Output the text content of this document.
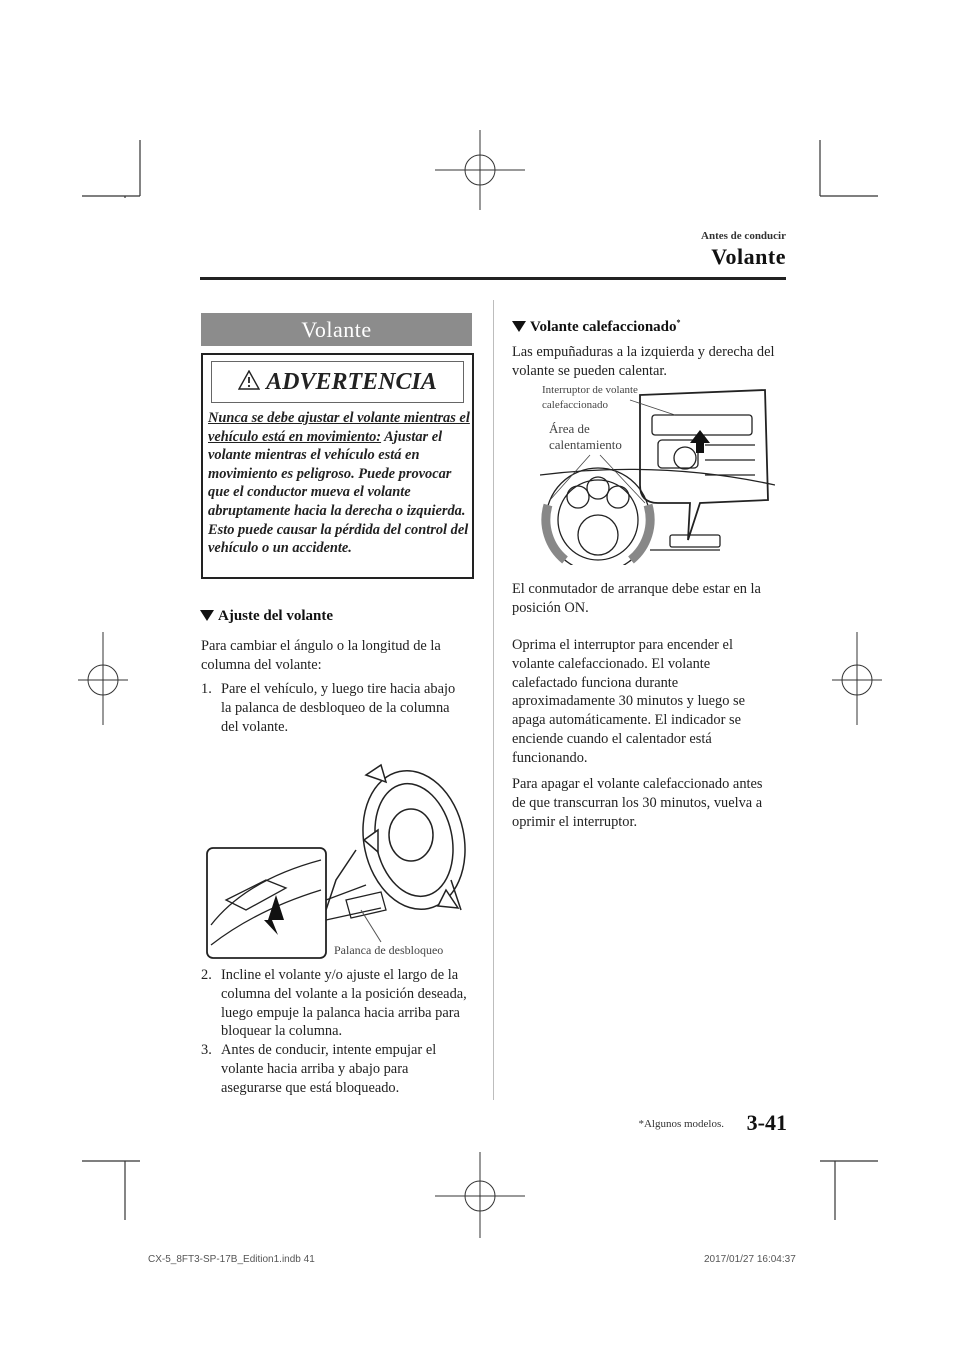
Antes de conducir
Volante
Volante
ADVERTENCIA
Nunca se debe ajustar el volante mientras el vehículo está en movimiento: Ajustar el volante mientras el vehículo está en movimiento es peligroso. Puede provocar que el conductor mueva el volante abruptamente hacia la derecha o izquierda. Esto puede causar la pérdida del control del vehículo o un accidente.
Ajuste del volante
Para cambiar el ángulo o la longitud de la columna del volante:
1. Pare el vehículo, y luego tire hacia abajo la palanca de desbloqueo de la columna del volante.
Palanca de desbloqueo
2. Incline el volante y/o ajuste el largo de la columna del volante a la posición deseada, luego empuje la palanca hacia arriba para bloquear la columna.
3. Antes de conducir, intente empujar el volante hacia arriba y abajo para asegurarse que está bloqueado.
Volante calefaccionado*
Las empuñaduras a la izquierda y derecha del volante se pueden calentar.
Interruptor de volante calefaccionado
Área de calentamiento
El conmutador de arranque debe estar en la posición ON.
Oprima el interruptor para encender el volante calefaccionado. El volante calefactado funciona durante aproximadamente 30 minutos y luego se apaga automáticamente. El indicador se enciende cuando el calentador está funcionando.
Para apagar el volante calefaccionado antes de que transcurran los 30 minutos, vuelva a oprimir el interruptor.
*Algunos modelos. 3-41
CX-5_8FT3-SP-17B_Edition1.indb 41	2017/01/27 16:04:37
